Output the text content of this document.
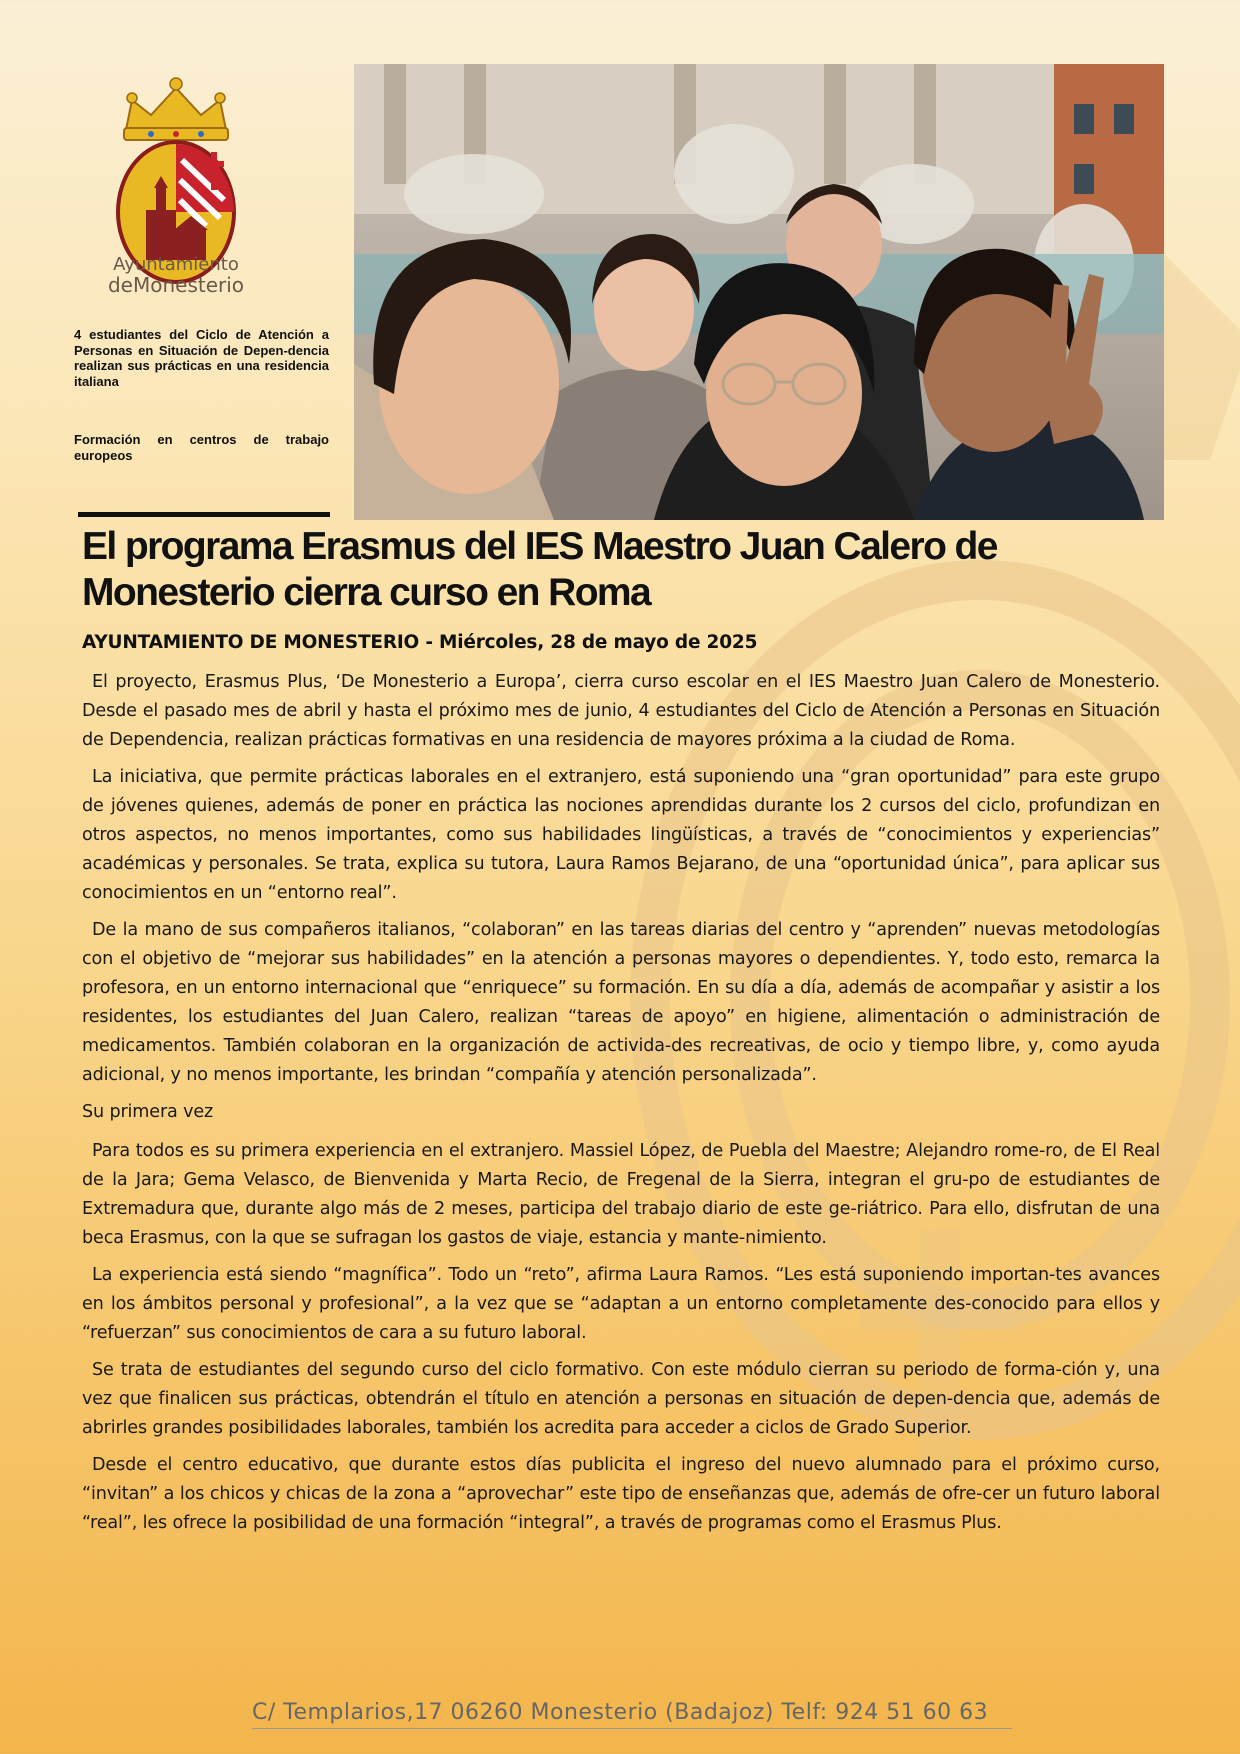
Ayuntamiento
deMonesterio
4 estudiantes del Ciclo de Atención a Personas en Situación de Depen-dencia realizan sus prácticas en una residencia italiana
Formación en centros de trabajo europeos
El programa Erasmus del IES Maestro Juan Calero de Monesterio cierra curso en Roma
AYUNTAMIENTO DE MONESTERIO - Miércoles, 28 de mayo de 2025

El proyecto, Erasmus Plus, ‘De Monesterio a Europa’, cierra curso escolar en el IES Maestro Juan Calero de Monesterio. Desde el pasado mes de abril y hasta el próximo mes de junio, 4 estudiantes del Ciclo de Atención a Personas en Situación de Dependencia, realizan prácticas formativas en una residencia de mayores próxima a la ciudad de Roma.

La iniciativa, que permite prácticas laborales en el extranjero, está suponiendo una “gran oportunidad” para este grupo de jóvenes quienes, además de poner en práctica las nociones aprendidas durante los 2 cursos del ciclo, profundizan en otros aspectos, no menos importantes, como sus habilidades lingüísticas, a través de “conocimientos y experiencias” académicas y personales. Se trata, explica su tutora, Laura Ramos Bejarano, de una “oportunidad única”, para aplicar sus conocimientos en un “entorno real”.

De la mano de sus compañeros italianos, “colaboran” en las tareas diarias del centro y “aprenden” nuevas metodologías con el objetivo de “mejorar sus habilidades” en la atención a personas mayores o dependientes. Y, todo esto, remarca la profesora, en un entorno internacional que “enriquece” su formación. En su día a día, además de acompañar y asistir a los residentes, los estudiantes del Juan Calero, realizan “tareas de apoyo” en higiene, alimentación o administración de medicamentos. También colaboran en la organización de activida-des recreativas, de ocio y tiempo libre, y, como ayuda adicional, y no menos importante, les brindan “compañía y atención personalizada”.

Su primera vez

Para todos es su primera experiencia en el extranjero. Massiel López, de Puebla del Maestre; Alejandro rome-ro, de El Real de la Jara; Gema Velasco, de Bienvenida y Marta Recio, de Fregenal de la Sierra, integran el gru-po de estudiantes de Extremadura que, durante algo más de 2 meses, participa del trabajo diario de este ge-riátrico. Para ello, disfrutan de una beca Erasmus, con la que se sufragan los gastos de viaje, estancia y mante-nimiento.

La experiencia está siendo “magnífica”. Todo un “reto”, afirma Laura Ramos. “Les está suponiendo importan-tes avances en los ámbitos personal y profesional”, a la vez que se “adaptan a un entorno completamente des-conocido para ellos y “refuerzan” sus conocimientos de cara a su futuro laboral.

Se trata de estudiantes del segundo curso del ciclo formativo. Con este módulo cierran su periodo de forma-ción y, una vez que finalicen sus prácticas, obtendrán el título en atención a personas en situación de depen-dencia que, además de abrirles grandes posibilidades laborales, también los acredita para acceder a ciclos de Grado Superior.

Desde el centro educativo, que durante estos días publicita el ingreso del nuevo alumnado para el próximo curso, “invitan” a los chicos y chicas de la zona a “aprovechar” este tipo de enseñanzas que, además de ofre-cer un futuro laboral “real”, les ofrece la posibilidad de una formación “integral”, a través de programas como el Erasmus Plus.

C/ Templarios,17 06260 Monesterio (Badajoz) Telf: 924 51 60 63
